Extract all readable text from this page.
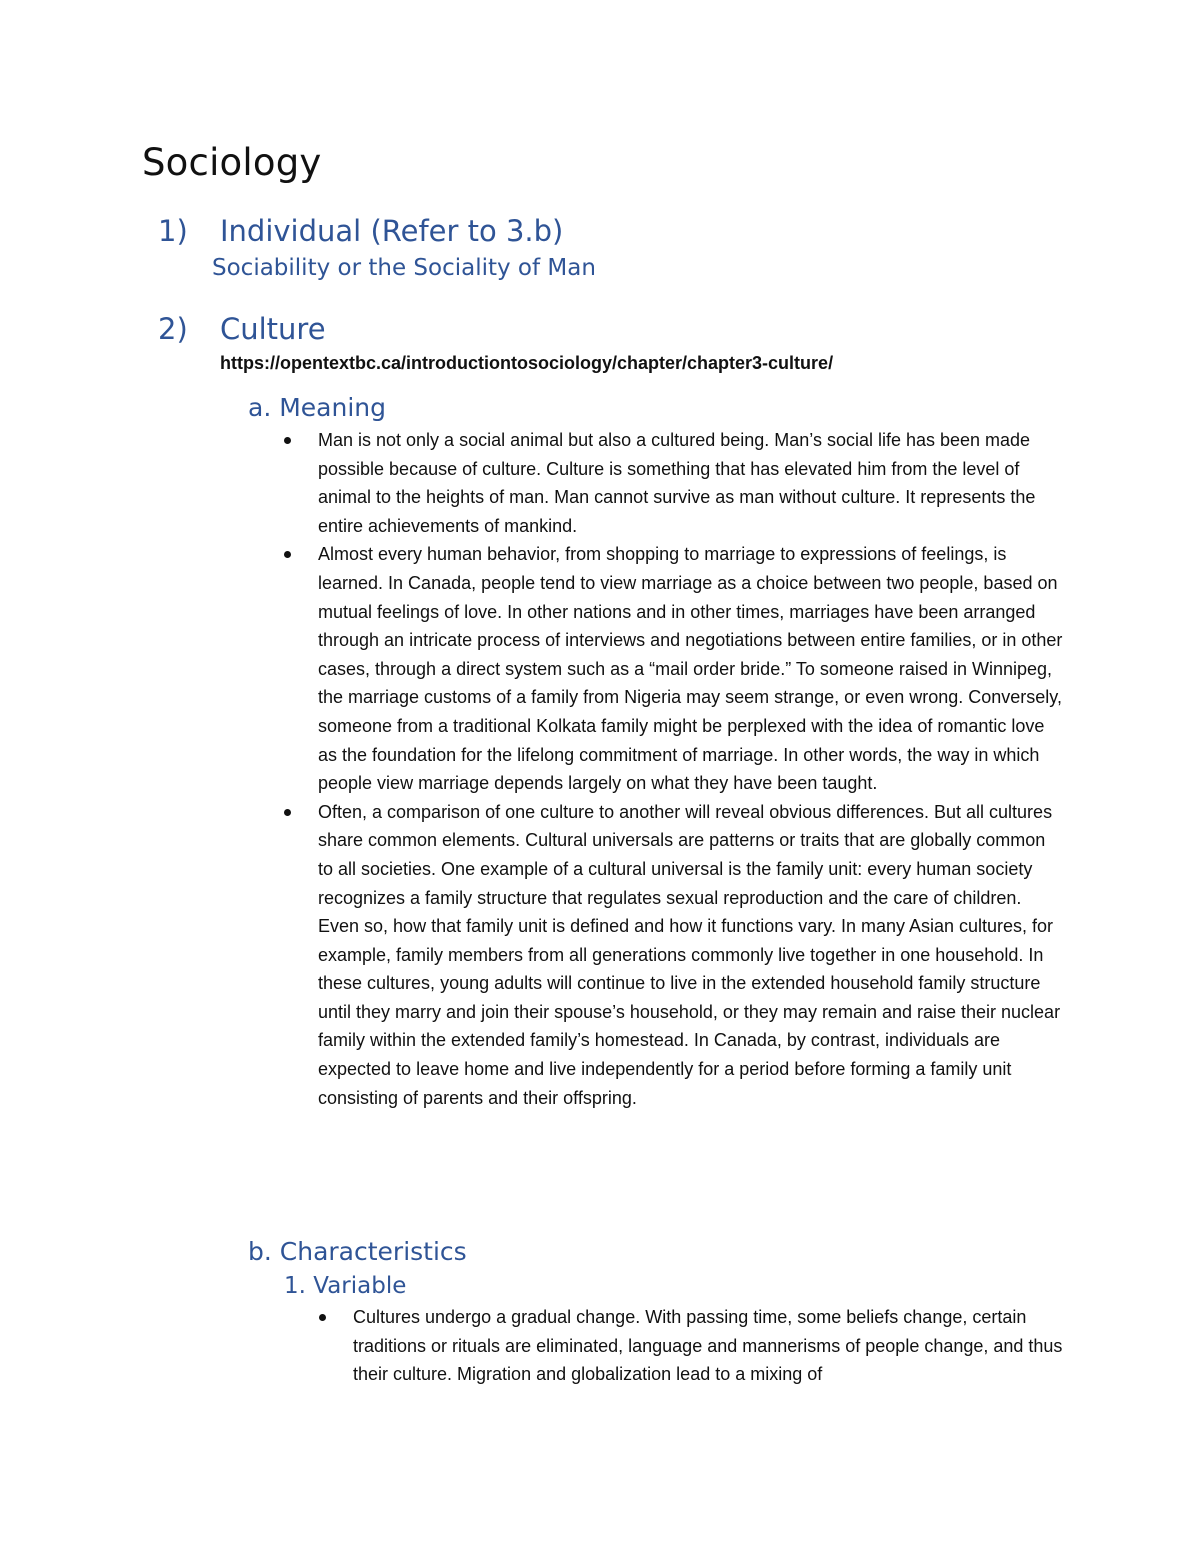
Sociology
1)	Individual (Refer to 3.b)
Sociability or the Sociality of Man
2)	Culture
https://opentextbc.ca/introductiontosociology/chapter/chapter3-culture/
a. Meaning
Man is not only a social animal but also a cultured being. Man’s social life has been made possible because of culture. Culture is something that has elevated him from the level of animal to the heights of man. Man cannot survive as man without culture. It represents the entire achievements of mankind.
Almost every human behavior, from shopping to marriage to expressions of feelings, is learned. In Canada, people tend to view marriage as a choice between two people, based on mutual feelings of love. In other nations and in other times, marriages have been arranged through an intricate process of interviews and negotiations between entire families, or in other cases, through a direct system such as a “mail order bride.” To someone raised in Winnipeg, the marriage customs of a family from Nigeria may seem strange, or even wrong. Conversely, someone from a traditional Kolkata family might be perplexed with the idea of romantic love as the foundation for the lifelong commitment of marriage. In other words, the way in which people view marriage depends largely on what they have been taught.
Often, a comparison of one culture to another will reveal obvious differences. But all cultures share common elements. Cultural universals are patterns or traits that are globally common to all societies. One example of a cultural universal is the family unit: every human society recognizes a family structure that regulates sexual reproduction and the care of children. Even so, how that family unit is defined and how it functions vary. In many Asian cultures, for example, family members from all generations commonly live together in one household. In these cultures, young adults will continue to live in the extended household family structure until they marry and join their spouse’s household, or they may remain and raise their nuclear family within the extended family’s homestead. In Canada, by contrast, individuals are expected to leave home and live independently for a period before forming a family unit consisting of parents and their offspring.
b. Characteristics
1. Variable
Cultures undergo a gradual change. With passing time, some beliefs change, certain traditions or rituals are eliminated, language and mannerisms of people change, and thus their culture. Migration and globalization lead to a mixing of
